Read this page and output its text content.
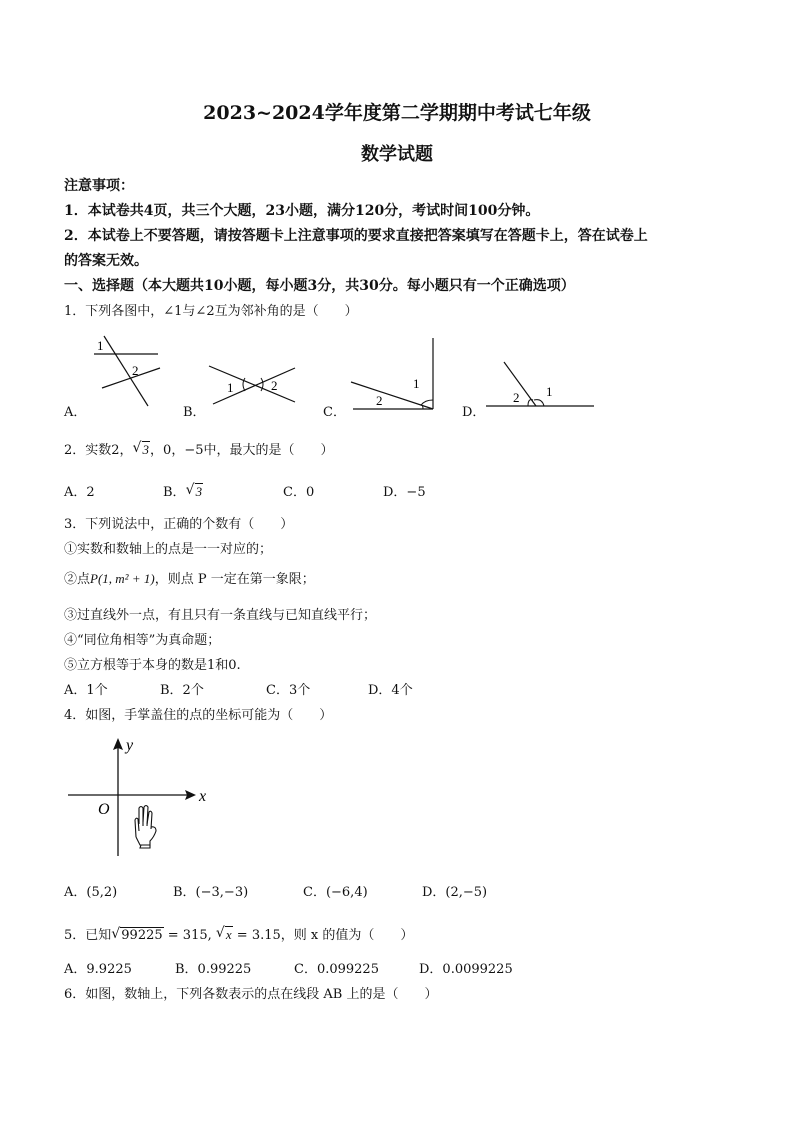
2023~2024学年度第二学期期中考试七年级
数学试题
注意事项：
1．本试卷共4页，共三个大题，23小题，满分120分，考试时间100分钟。
2．本试卷上不要答题，请按答题卡上注意事项的要求直接把答案填写在答题卡上，答在试卷上
的答案无效。
一、选择题（本大题共10小题，每小题3分，共30分。每小题只有一个正确选项）
1．下列各图中，∠1与∠2互为邻补角的是（　　）
A．	B．	C．	D．
1
2
1	2
2
1
2 1
2．实数2， √ 3，0，−5中，最大的是（　　）
A．2	B． √ 3	C．0	D．−5
3．下列说法中，正确的个数有（　　）
①实数和数轴上的点是一一对应的；
②点P(1, m² + 1)，则点 P 一定在第一象限；
③过直线外一点，有且只有一条直线与已知直线平行；
④“同位角相等”为真命题；
⑤立方根等于本身的数是1和0.
A．1个	B．2个	C．3个	D．4个
4．如图，手掌盖住的点的坐标可能为（　　）
y
x
O
A．(5,2)	B．(−3,−3)	C．(−6,4)	D．(2,−5)
5．已知 √ 99225 = 315, √ x = 3.15，则 x 的值为（　　）
A．9.9225	B．0.99225	C．0.099225	D．0.0099225
6．如图，数轴上，下列各数表示的点在线段 AB 上的是（　　）
